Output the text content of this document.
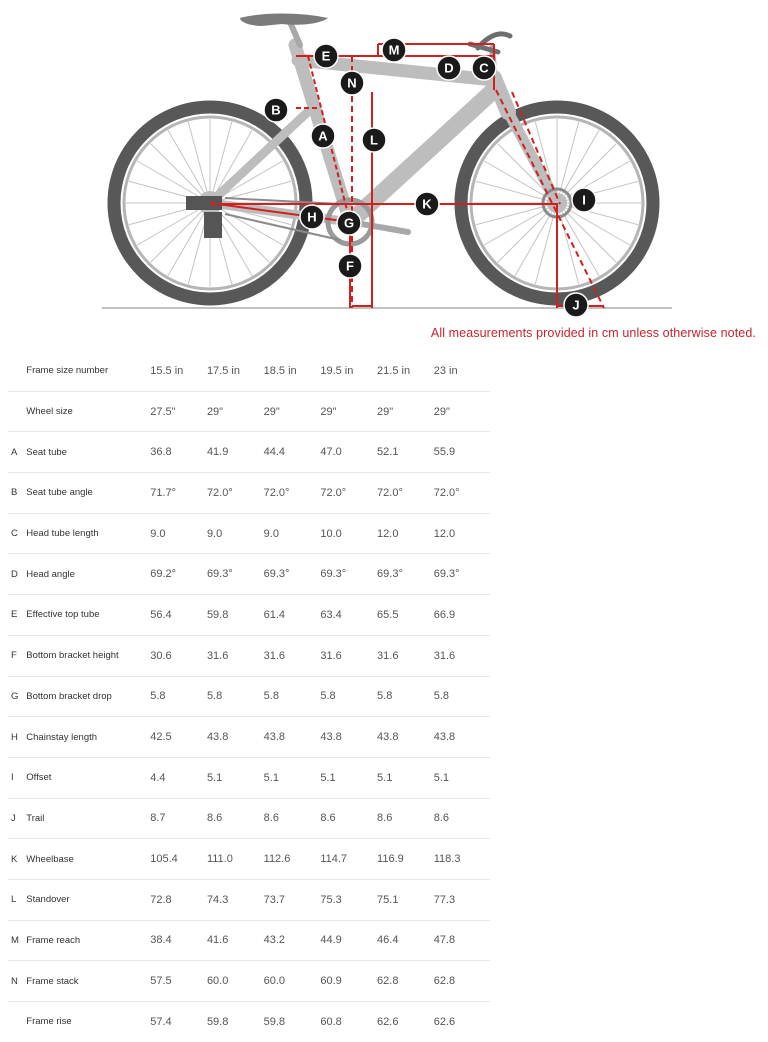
A
B
C
D
E
F
G
H
I
J
K
L
M
N
All measurements provided in cm unless otherwise noted.
	Frame size number	15.5 in	17.5 in	18.5 in	19.5 in	21.5 in	23 in
	Wheel size	27.5"	29"	29"	29"	29"	29"
A	Seat tube	36.8	41.9	44.4	47.0	52.1	55.9
B	Seat tube angle	71.7°	72.0°	72.0°	72.0°	72.0°	72.0°
C	Head tube length	9.0	9.0	9.0	10.0	12.0	12.0
D	Head angle	69.2°	69.3°	69.3°	69.3°	69.3°	69.3°
E	Effective top tube	56.4	59.8	61.4	63.4	65.5	66.9
F	Bottom bracket height	30.6	31.6	31.6	31.6	31.6	31.6
G	Bottom bracket drop	5.8	5.8	5.8	5.8	5.8	5.8
H	Chainstay length	42.5	43.8	43.8	43.8	43.8	43.8
I	Offset	4.4	5.1	5.1	5.1	5.1	5.1
J	Trail	8.7	8.6	8.6	8.6	8.6	8.6
K	Wheelbase	105.4	111.0	112.6	114.7	116.9	118.3
L	Standover	72.8	74.3	73.7	75.3	75.1	77.3
M	Frame reach	38.4	41.6	43.2	44.9	46.4	47.8
N	Frame stack	57.5	60.0	60.0	60.9	62.8	62.8
	Frame rise	57.4	59.8	59.8	60.8	62.6	62.6
